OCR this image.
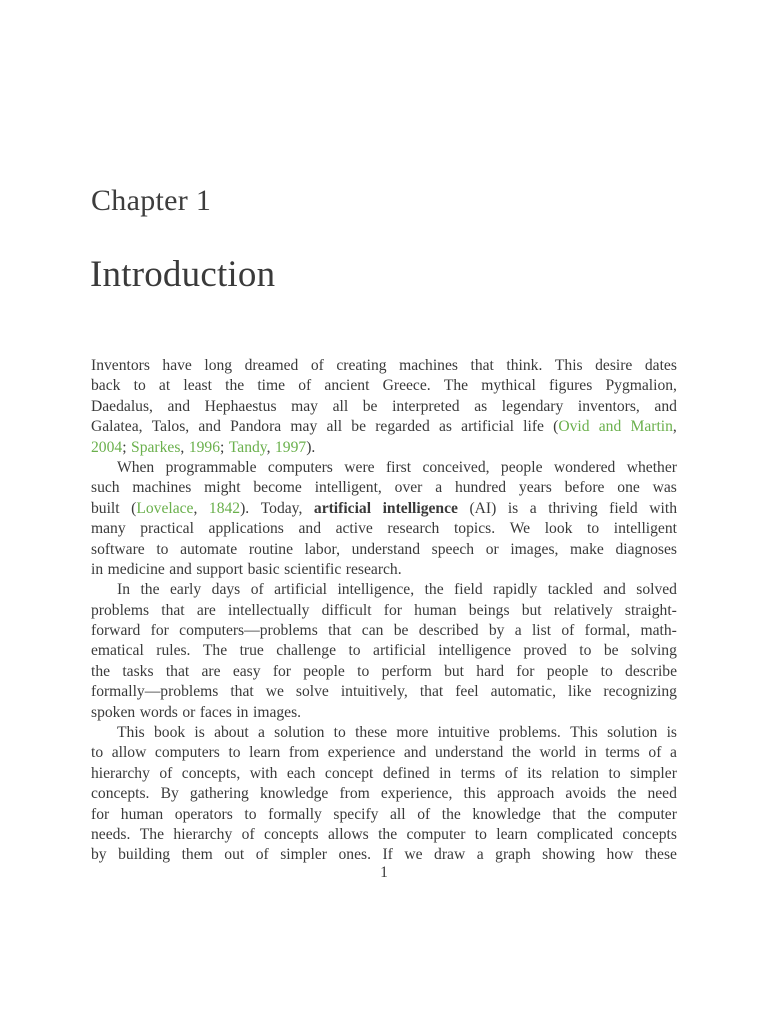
Chapter 1
Introduction
Inventors have long dreamed of creating machines that think. This desire dates
back to at least the time of ancient Greece. The mythical figures Pygmalion,
Daedalus, and Hephaestus may all be interpreted as legendary inventors, and
Galatea, Talos, and Pandora may all be regarded as artificial life (Ovid and Martin,
2004; Sparkes, 1996; Tandy, 1997).
When programmable computers were first conceived, people wondered whether
such machines might become intelligent, over a hundred years before one was
built (Lovelace, 1842). Today, artificial intelligence (AI) is a thriving field with
many practical applications and active research topics. We look to intelligent
software to automate routine labor, understand speech or images, make diagnoses
in medicine and support basic scientific research.
In the early days of artificial intelligence, the field rapidly tackled and solved
problems that are intellectually difficult for human beings but relatively straight-
forward for computers—problems that can be described by a list of formal, math-
ematical rules. The true challenge to artificial intelligence proved to be solving
the tasks that are easy for people to perform but hard for people to describe
formally—problems that we solve intuitively, that feel automatic, like recognizing
spoken words or faces in images.
This book is about a solution to these more intuitive problems. This solution is
to allow computers to learn from experience and understand the world in terms of a
hierarchy of concepts, with each concept defined in terms of its relation to simpler
concepts. By gathering knowledge from experience, this approach avoids the need
for human operators to formally specify all of the knowledge that the computer
needs. The hierarchy of concepts allows the computer to learn complicated concepts
by building them out of simpler ones. If we draw a graph showing how these

1
